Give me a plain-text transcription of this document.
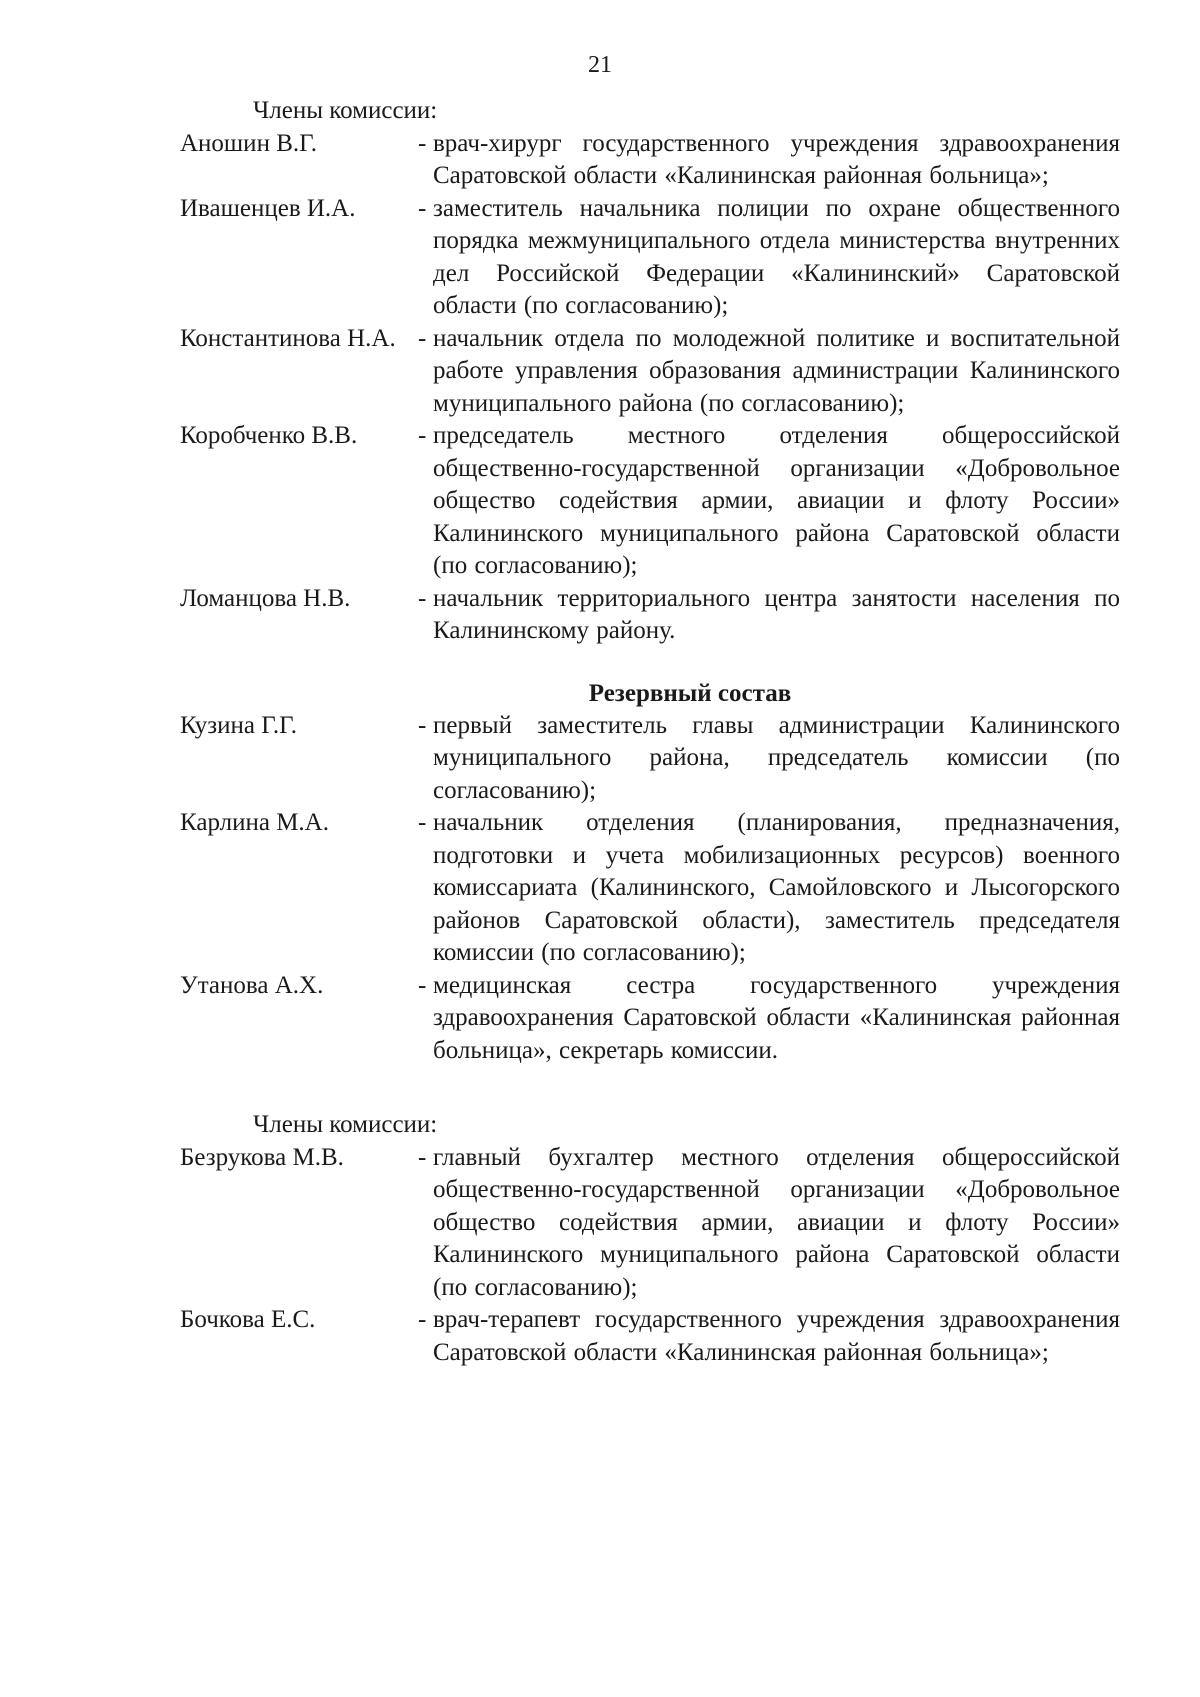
21
Члены комиссии:
Аношин В.Г.	- врач-хирург государственного учреждения здравоохранения Саратовской области «Калининская районная больница»;
Ивашенцев И.А.	- заместитель начальника полиции по охране общественного порядка межмуниципального отдела министерства внутренних дел Российской Федерации «Калининский» Саратовской области (по согласованию);
Константинова Н.А. - начальник отдела по молодежной политике и воспитательной работе управления образования администрации Калининского муниципального района (по согласованию);
Коробченко В.В.	- председатель местного отделения общероссийской общественно-государственной организации «Добровольное общество содействия армии, авиации и флоту России» Калининского муниципального района Саратовской области (по согласованию);
Ломанцова Н.В.	- начальник территориального центра занятости населения по Калининскому району.
Резервный состав
Кузина Г.Г.	- первый заместитель главы администрации Калининского муниципального района, председатель комиссии (по согласованию);
Карлина М.А.	- начальник отделения (планирования, предназначения, подготовки и учета мобилизационных ресурсов) военного комиссариата (Калининского, Самойловского и Лысогорского районов Саратовской области), заместитель председателя комиссии (по согласованию);
Утанова А.Х.	- медицинская сестра государственного учреждения здравоохранения Саратовской области «Калининская районная больница», секретарь комиссии.
Члены комиссии:
Безрукова М.В.	- главный бухгалтер местного отделения общероссийской общественно-государственной организации «Добровольное общество содействия армии, авиации и флоту России» Калининского муниципального района Саратовской области (по согласованию);
Бочкова Е.С.	- врач-терапевт государственного учреждения здравоохранения Саратовской области «Калининская районная больница»;
